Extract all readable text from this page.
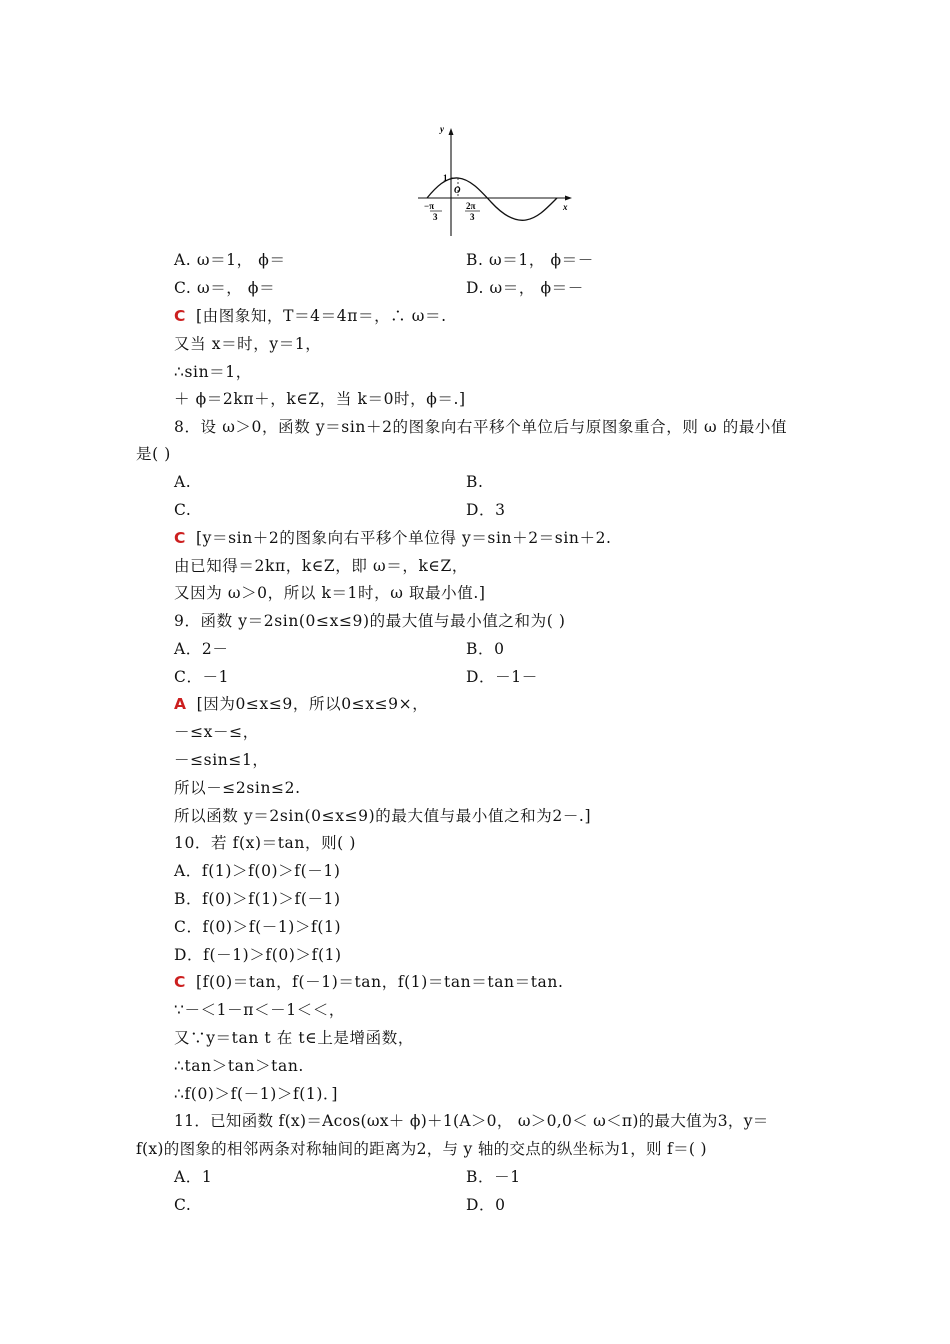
y
x
O
1
−π
3
2π
3
A. ω＝1， ϕ＝	B. ω＝1， ϕ＝－
C. ω＝， ϕ＝	D. ω＝， ϕ＝－
C [由图象知，T＝4＝4π＝，∴ ω＝.
又当 x＝时，y＝1，
∴sin＝1，
＋ ϕ＝2kπ＋，k∈Z，当 k＝0时，ϕ＝.]
8．设 ω＞0，函数 y＝sin＋2的图象向右平移个单位后与原图象重合，则 ω 的最小值
是( )
A.	B.
C.	D．3
C [y＝sin＋2的图象向右平移个单位得 y＝sin＋2＝sin＋2.
由已知得＝2kπ，k∈Z，即 ω＝，k∈Z，
又因为 ω＞0，所以 k＝1时，ω 取最小值.]
9．函数 y＝2sin(0≤x≤9)的最大值与最小值之和为( )
A．2－	B．0
C．－1	D．－1－
A [因为0≤x≤9，所以0≤x≤9×，
－≤x－≤，
－≤sin≤1，
所以－≤2sin≤2.
所以函数 y＝2sin(0≤x≤9)的最大值与最小值之和为2－.]
10．若 f(x)＝tan，则( )
A．f(1)＞f(0)＞f(－1)
B．f(0)＞f(1)＞f(－1)
C．f(0)＞f(－1)＞f(1)
D．f(－1)＞f(0)＞f(1)
C [f(0)＝tan，f(－1)＝tan，f(1)＝tan＝tan＝tan.
∵－＜1－π＜－1＜＜，
又∵y＝tan t 在 t∈上是增函数，
∴tan＞tan＞tan.
∴f(0)＞f(－1)＞f(1)．]
11．已知函数 f(x)＝Acos(ωx＋ ϕ)＋1(A＞0， ω＞0,0＜ ω＜π)的最大值为3，y＝
f(x)的图象的相邻两条对称轴间的距离为2，与 y 轴的交点的纵坐标为1，则 f＝( )
A．1	B．－1
C.	D．0
